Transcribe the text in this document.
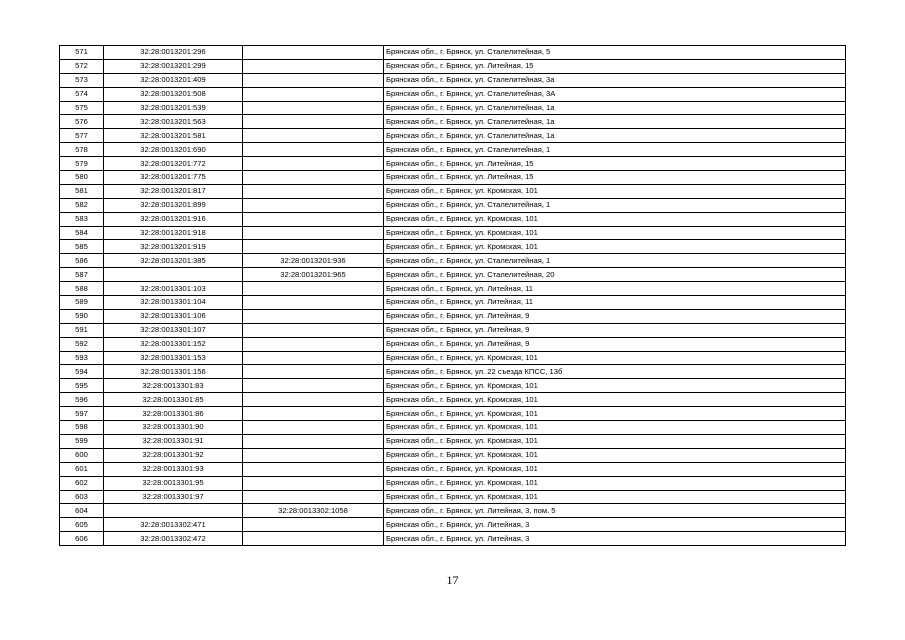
571	32:28:0013201:296		Брянская обл., г. Брянск, ул. Сталелитейная, 5
572	32:28:0013201:299		Брянская обл., г. Брянск, ул. Литейная, 15
573	32:28:0013201:409		Брянская обл., г. Брянск, ул. Сталелитейная, 3а
574	32:28:0013201:508		Брянская обл., г. Брянск, ул. Сталелитейная, 3А
575	32:28:0013201:539		Брянская обл., г. Брянск, ул. Сталелитейная, 1а
576	32:28:0013201:563		Брянская обл., г. Брянск, ул. Сталелитейная, 1а
577	32:28:0013201:581		Брянская обл., г. Брянск, ул. Сталелитейная, 1а
578	32:28:0013201:690		Брянская обл., г. Брянск, ул. Сталелитейная, 1
579	32:28:0013201:772		Брянская обл., г. Брянск, ул. Литейная, 15
580	32:28:0013201:775		Брянская обл., г. Брянск, ул. Литейная, 15
581	32:28:0013201:817		Брянская обл., г. Брянск, ул. Кромская, 101
582	32:28:0013201:899		Брянская обл., г. Брянск, ул. Сталелитейная, 1
583	32:28:0013201:916		Брянская обл., г. Брянск, ул. Кромская, 101
584	32:28:0013201:918		Брянская обл., г. Брянск, ул. Кромская, 101
585	32:28:0013201:919		Брянская обл., г. Брянск, ул. Кромская, 101
586	32:28:0013201:385	32:28:0013201:936	Брянская обл., г. Брянск, ул. Сталелитейная, 1
587		32:28:0013201:965	Брянская обл., г. Брянск, ул. Сталелитейная, 20
588	32:28:0013301:103		Брянская обл., г. Брянск, ул. Литейная, 11
589	32:28:0013301:104		Брянская обл., г. Брянск, ул. Литейная, 11
590	32:28:0013301:106		Брянская обл., г. Брянск, ул. Литейная, 9
591	32:28:0013301:107		Брянская обл., г. Брянск, ул. Литейная, 9
592	32:28:0013301:152		Брянская обл., г. Брянск, ул. Литейная, 9
593	32:28:0013301:153		Брянская обл., г. Брянск, ул. Кромская, 101
594	32:28:0013301:156		Брянская обл., г. Брянск, ул. 22 съезда КПСС, 13б
595	32:28:0013301:83		Брянская обл., г. Брянск, ул. Кромская, 101
596	32:28:0013301:85		Брянская обл., г. Брянск, ул. Кромская, 101
597	32:28:0013301:86		Брянская обл., г. Брянск, ул. Кромская, 101
598	32:28:0013301:90		Брянская обл., г. Брянск, ул. Кромская, 101
599	32:28:0013301:91		Брянская обл., г. Брянск, ул. Кромская, 101
600	32:28:0013301:92		Брянская обл., г. Брянск, ул. Кромская, 101
601	32:28:0013301:93		Брянская обл., г. Брянск, ул. Кромская, 101
602	32:28:0013301:95		Брянская обл., г. Брянск, ул. Кромская, 101
603	32:28:0013301:97		Брянская обл., г. Брянск, ул. Кромская, 101
604		32:28:0013302:1058	Брянская обл., г. Брянск, ул. Литейная, 3, пом. 5
605	32:28:0013302:471		Брянская обл., г. Брянск, ул. Литейная, 3
606	32:28:0013302:472		Брянская обл., г. Брянск, ул. Литейная, 3
17
